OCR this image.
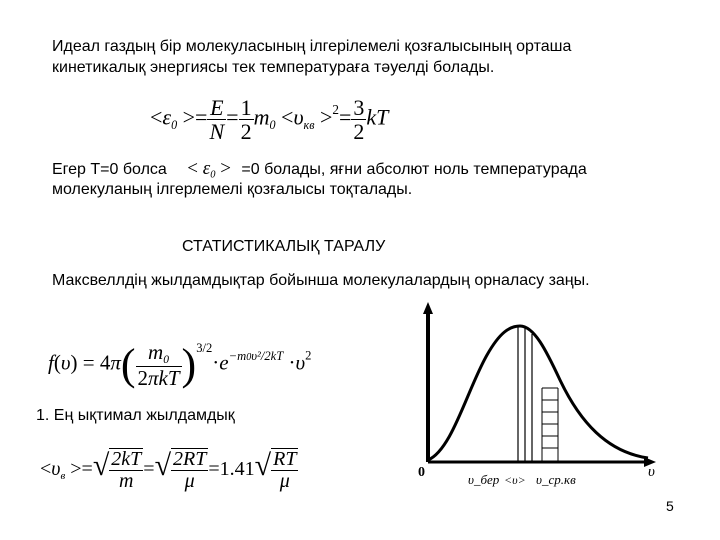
Идеал газдың бір молекуласының ілгерілемелі қозғалысының орташа
кинетикалық энергиясы тек температураға тәуелді болады.
$<\varepsilon_0 >= \frac{E}{N} = \frac{1}{2} m_0 <\upsilon_{кв} >^2= \frac{3}{2}$ kT
Егер Т=0 болса < $\varepsilon_0 > =0$ болады, яғни абсолют ноль температурада
молекуланың ілгерлемелі қозғалысы тоқталады.
СТАТИСТИКАЛЫҚ ТАРАЛУ
Максвеллдің жылдамдықтар бойынша молекулалардың орналасу заңы.
$f(\upsilon) = 4\pi( \frac{m_0}{\text{2πkT}} )^{3/2}\cdot e^{-m0\upsilon^2/2kT} \cdot\upsilon^2$
1. Ең ықтимал жылдамдық
$<\upsilon_в$ >=√ $\frac{2kT}{m}$ =√ $\frac{2RT}{\mu} =1.41√ \frac{RT}{\mu}$	0	υ
υ_бер <υ> υ_ср.кв
5
